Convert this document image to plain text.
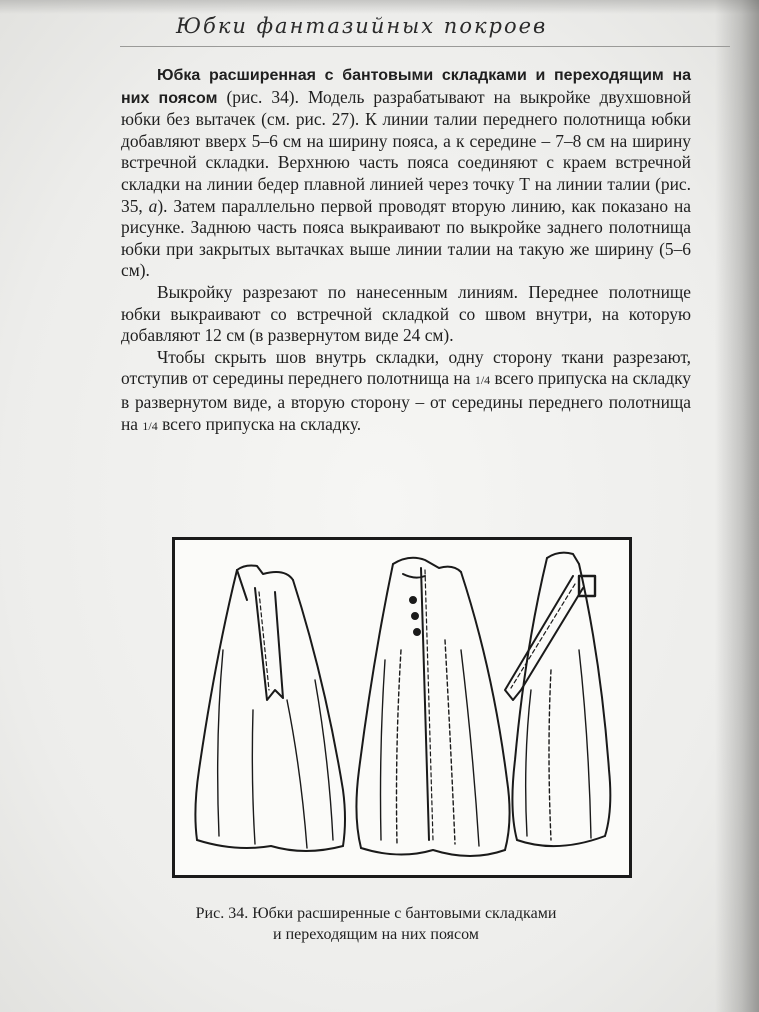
Юбки фантазийных покроев

Юбка расширенная с бантовыми складками и переходящим на них поясом (рис. 34). Модель разрабатывают на выкройке двухшовной юбки без вытачек (см. рис. 27). К линии талии переднего полотнища юбки добавляют вверх 5–6 см на ширину пояса, а к середине – 7–8 см на ширину встречной складки. Верхнюю часть пояса соединяют с краем встречной складки на линии бедер плавной линией через точку Т на линии талии (рис. 35, а). Затем параллельно первой проводят вторую линию, как показано на рисунке. Заднюю часть пояса выкраивают по выкройке заднего полотнища юбки при закрытых вытачках выше линии талии на такую же ширину (5–6 см).

Выкройку разрезают по нанесенным линиям. Переднее полотнище юбки выкраивают со встречной складкой со швом внутри, на которую добавляют 12 см (в развернутом виде 24 см).

Чтобы скрыть шов внутрь складки, одну сторону ткани разрезают, отступив от середины переднего полотнища на 1/4 всего припуска на складку в развернутом виде, а вторую сторону – от середины переднего полотнища на 1/4 всего припуска на складку.

Рис. 34. Юбки расширенные с бантовыми складками
и переходящим на них поясом
